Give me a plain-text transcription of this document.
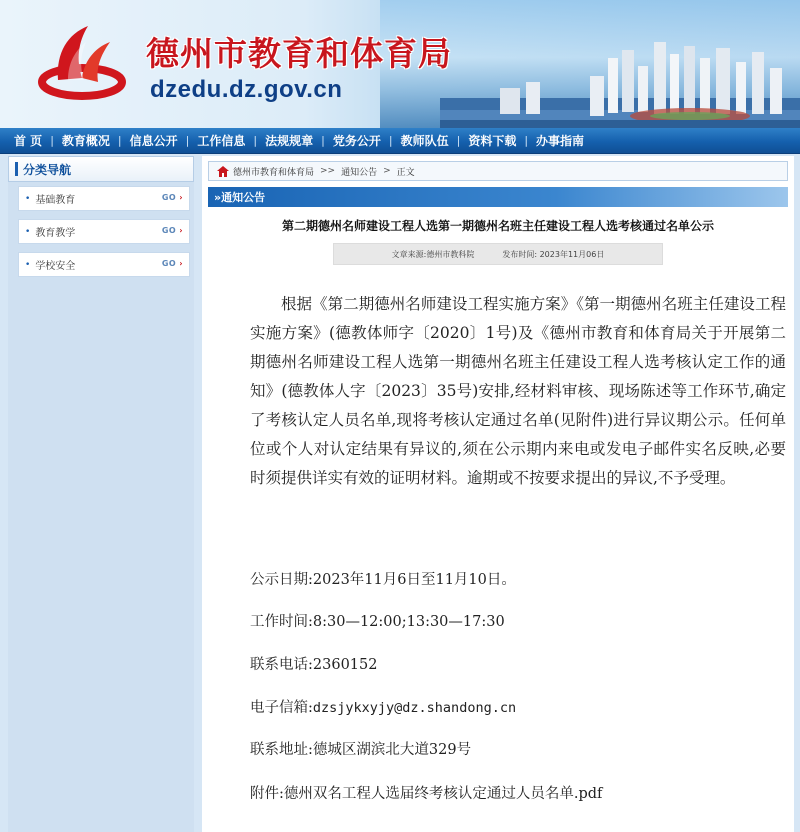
德州市教育和体育局
dzedu.dz.gov.cn
首 页 | 教育概况 | 信息公开 | 工作信息 | 法规规章 | 党务公开 | 教师队伍 | 资料下载 | 办事指南
分类导航
• 基础教育	GO ›
• 教育教学	GO ›
• 学校安全	GO ›
德州市教育和体育局 >> 通知公告 > 正文
» 通知公告
第二期德州名师建设工程人选第一期德州名班主任建设工程人选考核通过名单公示
文章来源:德州市教科院	发布时间: 2023年11月06日
根据《第二期德州名师建设工程实施方案》《第一期德州名班主任建设工程实施方案》(德教体师字〔2020〕1号)及《德州市教育和体育局关于开展第二期德州名师建设工程人选第一期德州名班主任建设工程人选考核认定工作的通知》(德教体人字〔2023〕35号)安排,经材料审核、现场陈述等工作环节,确定了考核认定人员名单,现将考核认定通过名单(见附件)进行异议期公示。任何单位或个人对认定结果有异议的,须在公示期内来电或发电子邮件实名反映,必要时须提供详实有效的证明材料。逾期或不按要求提出的异议,不予受理。
公示日期:2023年11月6日至11月10日。
工作时间:8:30—12:00;13:30—17:30
联系电话:2360152
电子信箱:dzsjykxyjy@dz.shandong.cn
联系地址:德城区湖滨北大道329号
附件:德州双名工程人选届终考核认定通过人员名单.pdf
